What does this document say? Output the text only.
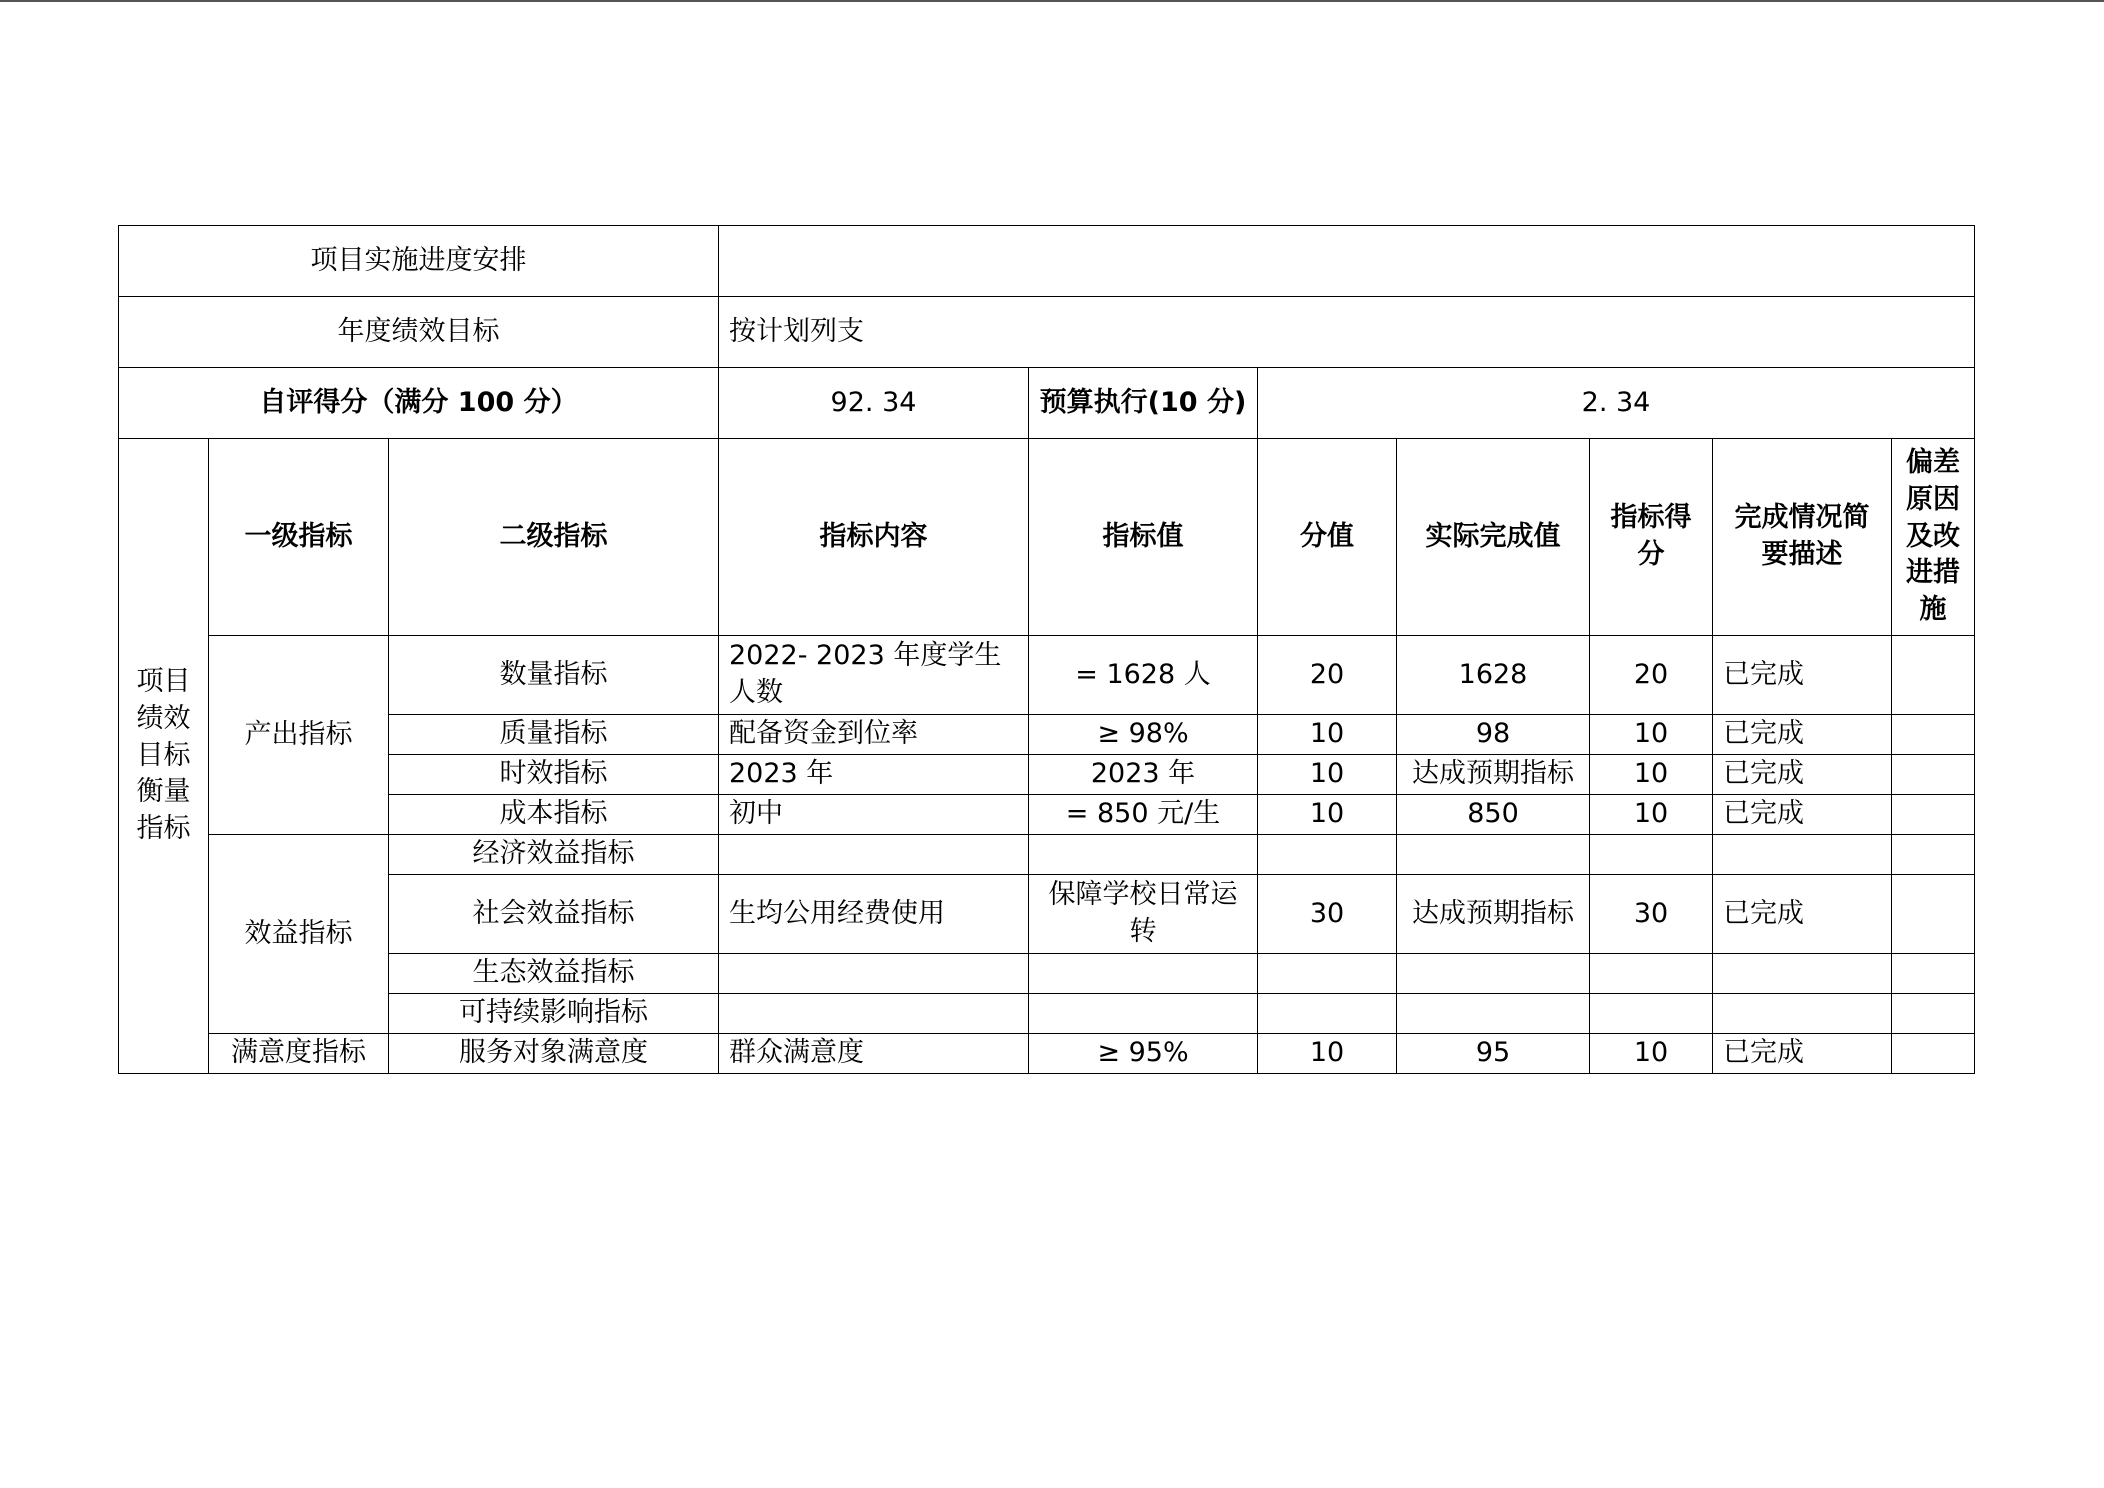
项目实施进度安排									
年度绩效目标			按计划列支						
自评得分（满分 100 分）			92. 34	预算执行(10 分)	2. 34				
项目绩效目标衡量指标	一级指标	二级指标	指标内容	指标值	分值	实际完成值	指标得分	完成情况简要描述	偏差原因及改进措施
	产出指标	数量指标	2022- 2023 年度学生人数	= 1628 人	20	1628	20	已完成	
		质量指标	配备资金到位率	≥ 98%	10	98	10	已完成	
		时效指标	2023 年	2023 年	10	达成预期指标	10	已完成	
		成本指标	初中	= 850 元/生	10	850	10	已完成	
	效益指标	经济效益指标							
		社会效益指标	生均公用经费使用	保障学校日常运转	30	达成预期指标	30	已完成	
		生态效益指标							
		可持续影响指标							
	满意度指标	服务对象满意度	群众满意度	≥ 95%	10	95	10	已完成	
